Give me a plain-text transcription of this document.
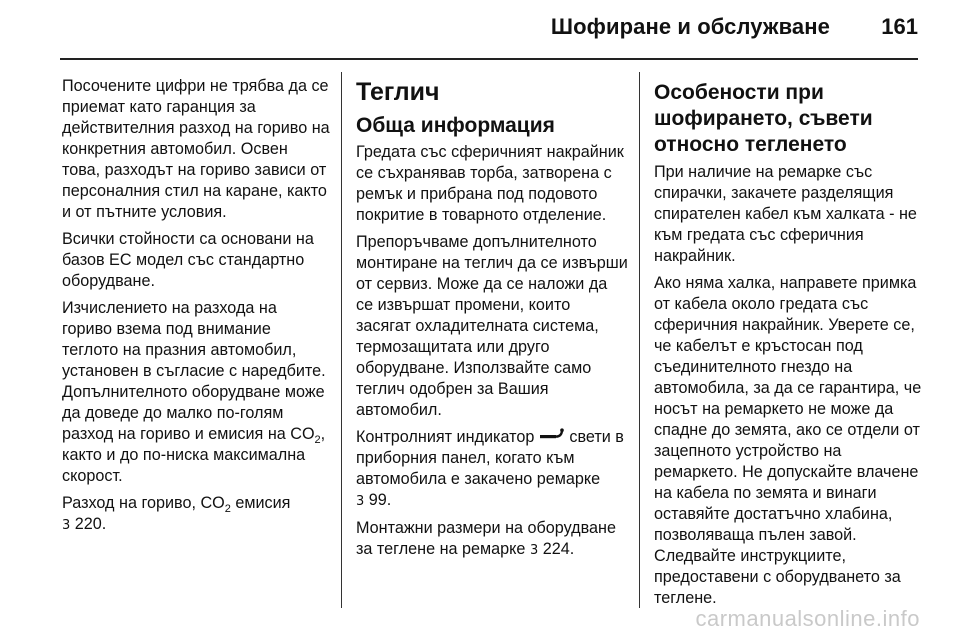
Шофиране и обслужване 161

Посочените цифри не трябва да се приемат като гаранция за действителния разход на гориво на конкретния автомобил. Освен това, разходът на гориво зависи от персоналния стил на каране, както и от пътните условия.

Всички стойности са основани на базов ЕС модел със стандартно оборудване.

Изчислението на разхода на гориво взема под внимание теглото на празния автомобил, установен в съгласие с наредбите. Допълнителното оборудване може да доведе до малко по-голям разход на гориво и емисия на $CO_2$, както и до по-ниска максимална скорост.

Разход на гориво, $CO_2$ емисия
3 220.

Теглич
Обща информация

Гредата със сферичният накрайник се съхранявав торба, затворена с ремък и прибрана под подовото покритие в товарното отделение.

Препоръчваме допълнителното монтиране на теглич да се извърши от сервиз. Може да се наложи да се извършат промени, които засягат охладителната система, термозащитата или друго оборудване. Използвайте само теглич одобрен за Вашия автомобил.

Контролният индикатор свети в приборния панел, когато към автомобила е закачено ремарке
3 99.

Монтажни размери на оборудване за теглене на ремарке 3 224.

Особености при шофирането, съвети относно тегленето

При наличие на ремарке със спирачки, закачете разделящия спирателен кабел към халката - не към гредата със сферичния накрайник.

Ако няма халка, направете примка от кабела около гредата със сферичния накрайник. Уверете се, че кабелът е кръстосан под съединителното гнездо на автомобила, за да се гарантира, че носът на ремаркето не може да спадне до земята, ако се отдели от зацепното устройство на ремаркето. Не допускайте влачене на кабела по земята и винаги оставяйте достатъчно хлабина, позволяваща пълен завой. Следвайте инструкциите, предоставени с оборудването за теглене.

carmanualsonline.info
